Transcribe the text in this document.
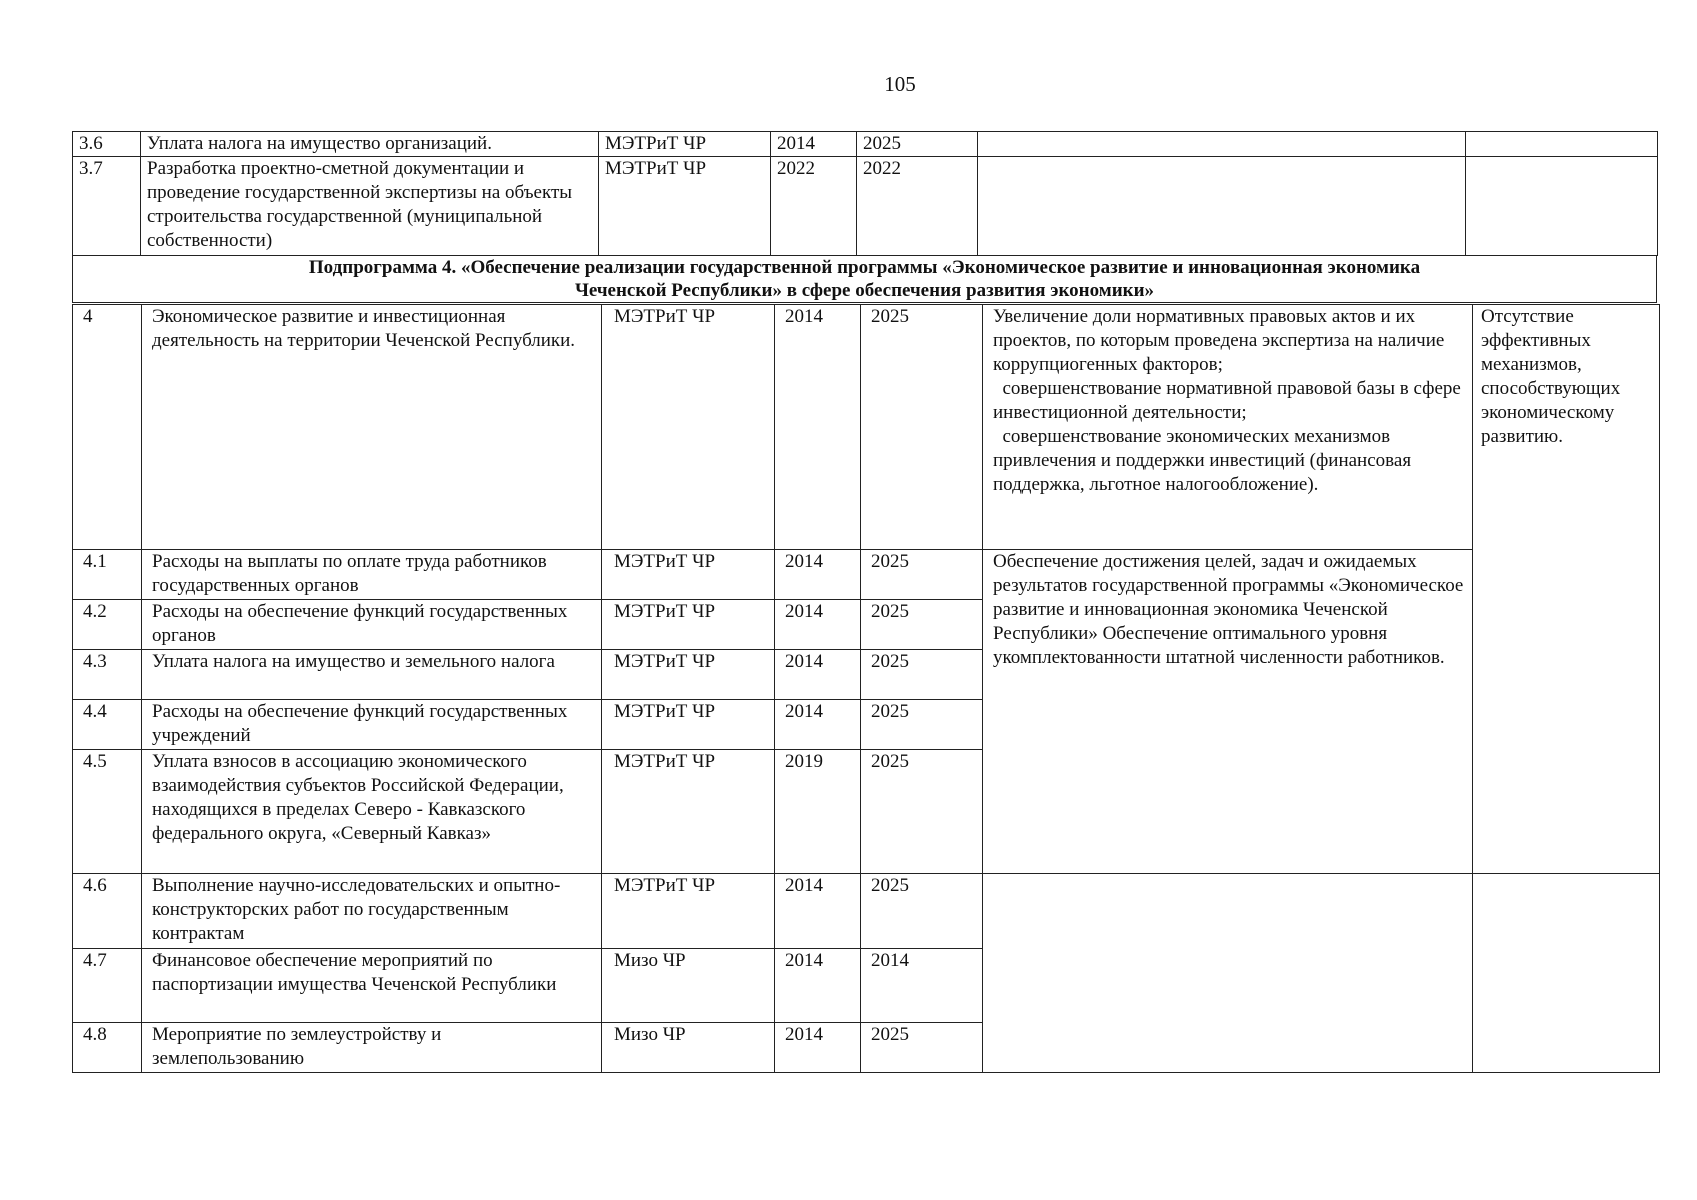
105
3.6	Уплата налога на имущество организаций.	МЭТРиТ ЧР	2014	2025		
3.7	Разработка проектно-сметной документации и проведение государственной экспертизы на объекты строительства государственной (муниципальной собственности)	МЭТРиТ ЧР	2022	2022		
Подпрограмма 4. «Обеспечение реализации государственной программы «Экономическое развитие и инновационная экономика
Чеченской Республики» в сфере обеспечения развития экономики»
4	Экономическое развитие и инвестиционная деятельность на территории Чеченской Республики.	МЭТРиТ ЧР	2014	2025	Увеличение доли нормативных правовых актов и их проектов, по которым проведена экспертиза на наличие коррупциогенных факторов;
совершенствование нормативной правовой базы в сфере инвестиционной деятельности;
совершенствование экономических механизмов привлечения и поддержки инвестиций (финансовая поддержка, льготное налогообложение).	Отсутствие эффективных механизмов, способствующих экономическому развитию.
4.1	Расходы на выплаты по оплате труда работников государственных органов	МЭТРиТ ЧР	2014	2025	Обеспечение достижения целей, задач и ожидаемых результатов государственной программы «Экономическое развитие и инновационная экономика Чеченской Республики» Обеспечение оптимального уровня укомплектованности штатной численности работников.	
4.2	Расходы на обеспечение функций государственных органов	МЭТРиТ ЧР	2014	2025		
4.3	Уплата налога на имущество и земельного налога	МЭТРиТ ЧР	2014	2025		
4.4	Расходы на обеспечение функций государственных учреждений	МЭТРиТ ЧР	2014	2025		
4.5	Уплата взносов в ассоциацию экономического взаимодействия субъектов Российской Федерации, находящихся в пределах Северо - Кавказского федерального округа, «Северный Кавказ»	МЭТРиТ ЧР	2019	2025		
4.6	Выполнение научно-исследовательских и опытно-конструкторских работ по государственным контрактам	МЭТРиТ ЧР	2014	2025		
4.7	Финансовое обеспечение мероприятий по паспортизации имущества Чеченской Республики	Мизо ЧР	2014	2014		
4.8	Мероприятие по землеустройству и землепользованию	Мизо ЧР	2014	2025		
